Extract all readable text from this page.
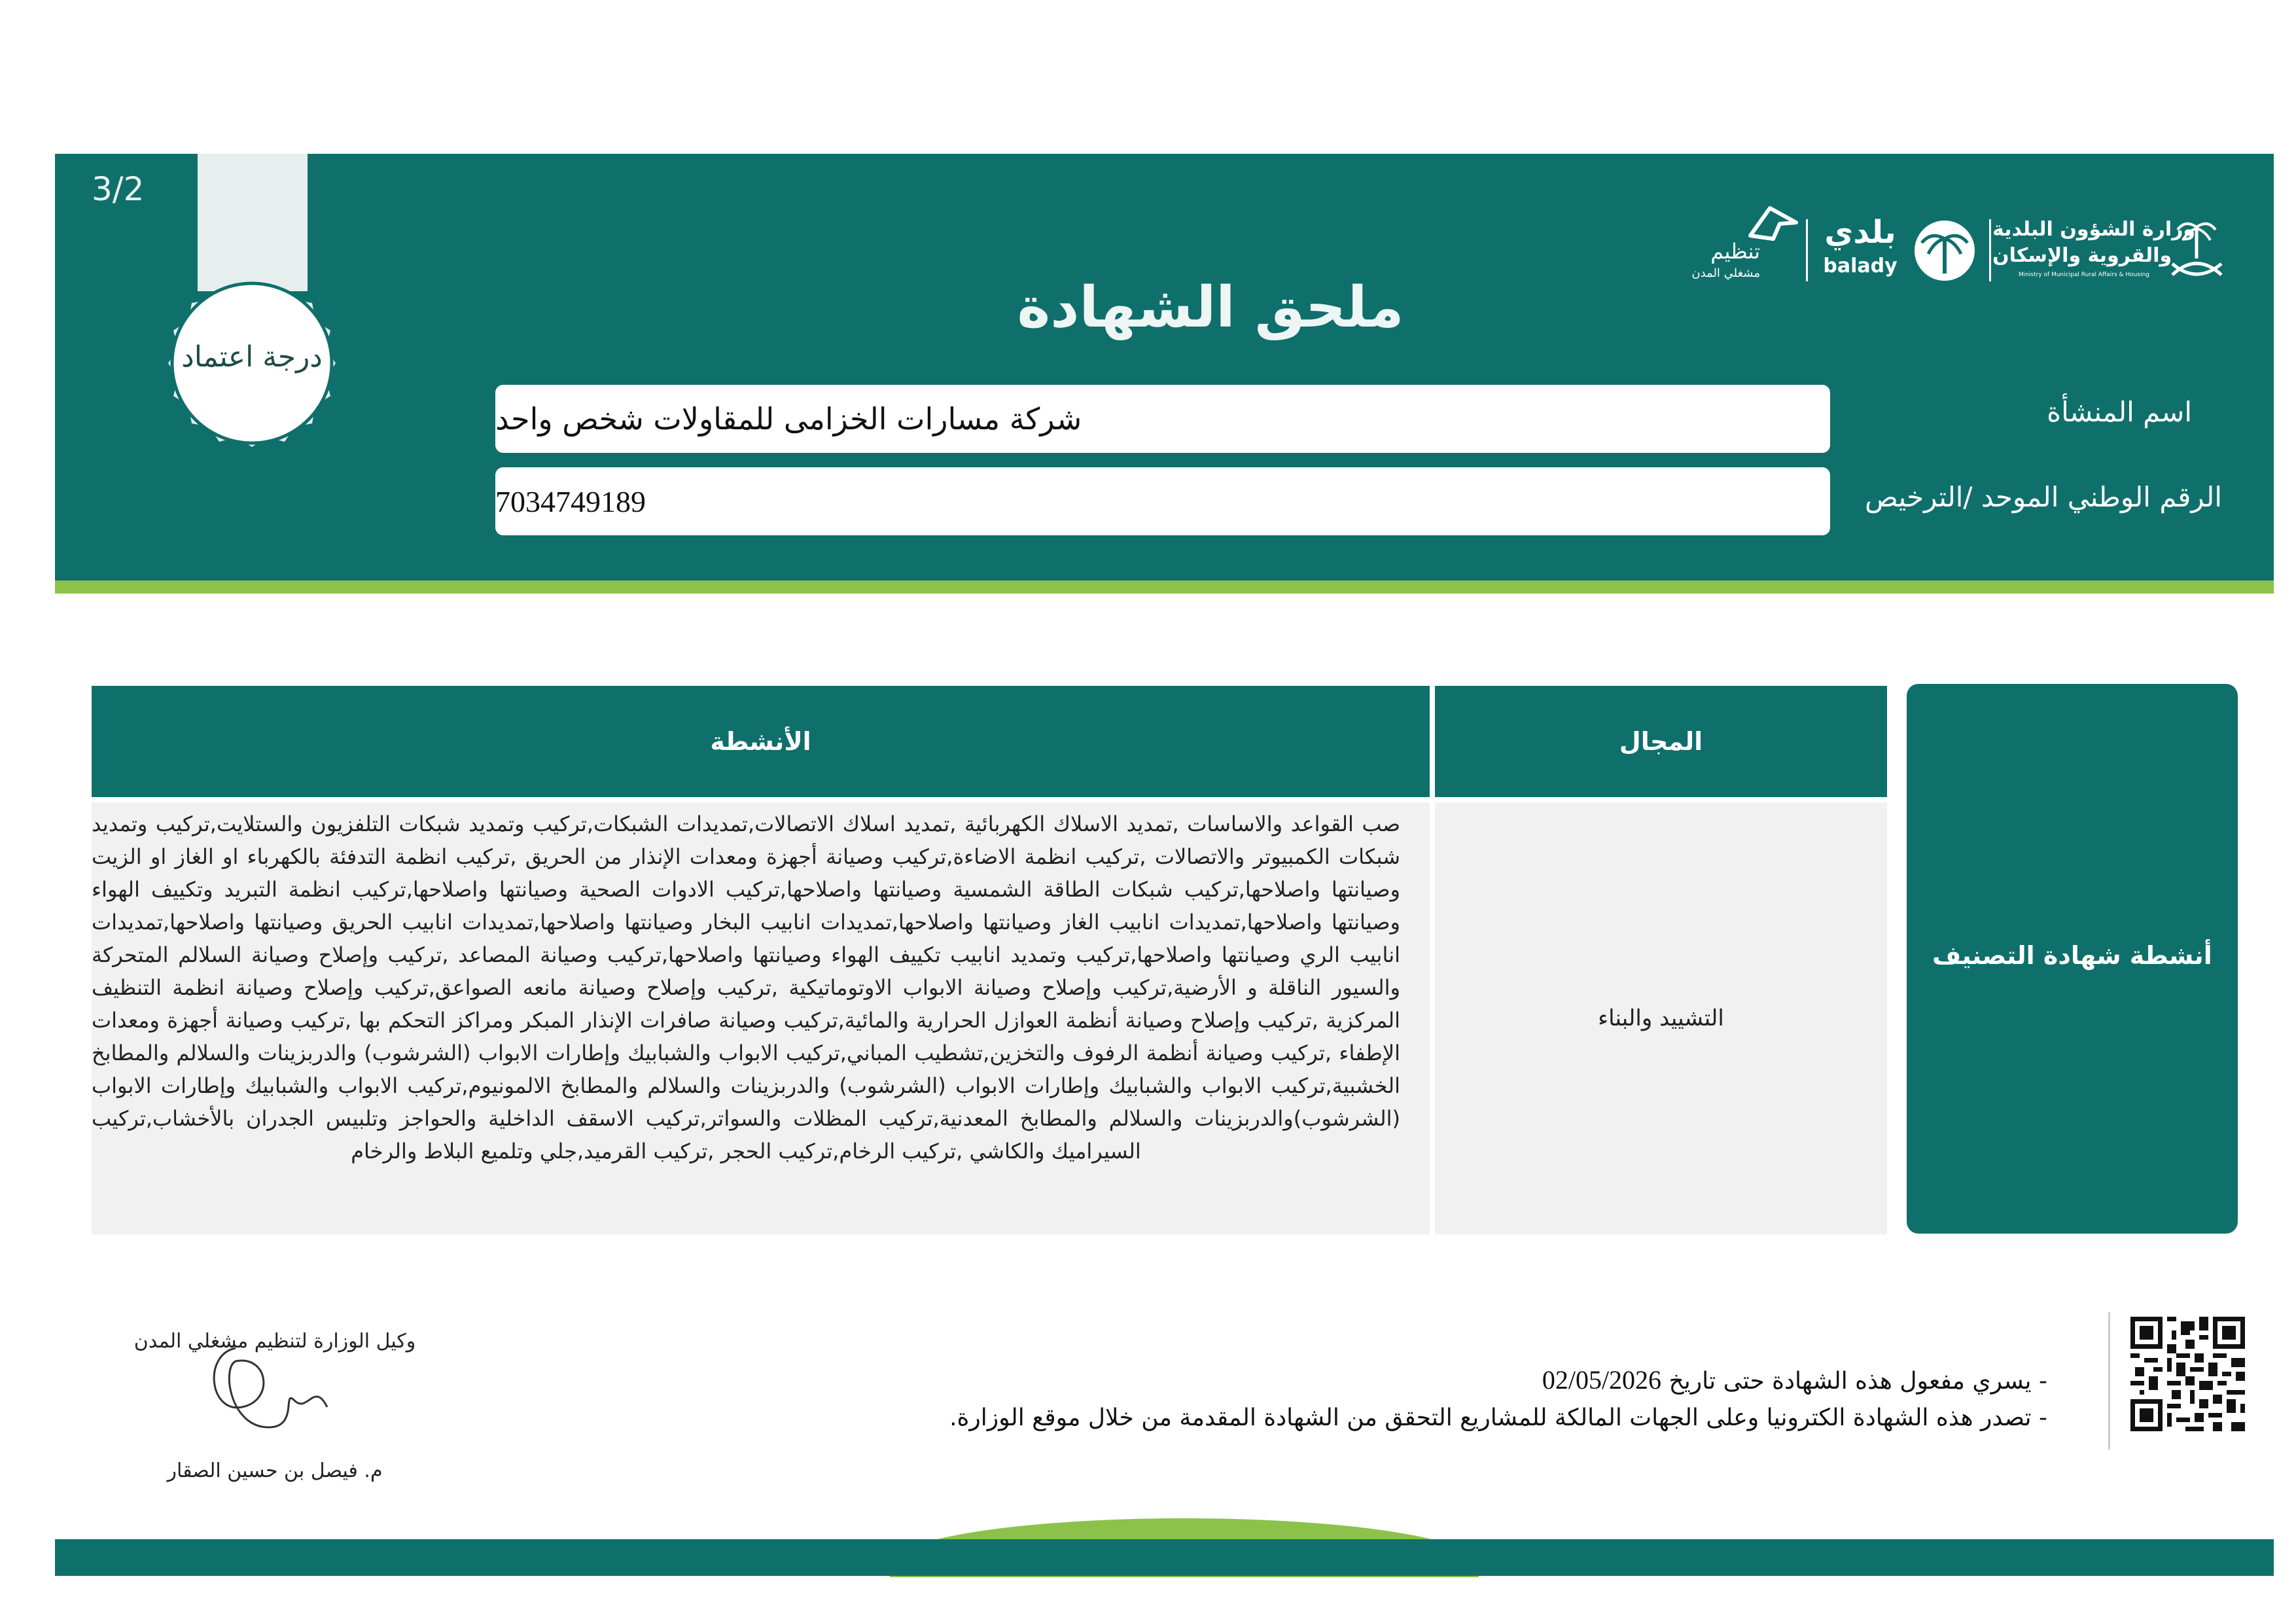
3/2
درجة اعتماد
ملحق الشهادة
تنظيم
مشغلي المدن
بلدي
balady
وزارة الشؤون البلدية
والقروية والإسكان
Ministry of Municipal Rural Affairs & Housing
اسم المنشأة
شركة مسارات الخزامى للمقاولات شخص واحد
الرقم الوطني الموحد /الترخيص
7034749189
أنشطة شهادة التصنيف
المجال
الأنشطة
التشييد والبناء
صب القواعد والاساسات ,تمديد الاسلاك الكهربائية ,تمديد اسلاك الاتصالات,تمديدات الشبكات,تركيب وتمديد شبكات التلفزيون والستلايت,تركيب وتمديد شبكات الكمبيوتر والاتصالات ,تركيب انظمة الاضاءة,تركيب وصيانة أجهزة ومعدات الإنذار من الحريق ,تركيب انظمة التدفئة بالكهرباء او الغاز او الزيت وصيانتها واصلاحها,تركيب شبكات الطاقة الشمسية وصيانتها واصلاحها,تركيب الادوات الصحية وصيانتها واصلاحها,تركيب انظمة التبريد وتكييف الهواء وصيانتها واصلاحها,تمديدات انابيب الغاز وصيانتها واصلاحها,تمديدات انابيب البخار وصيانتها واصلاحها,تمديدات انابيب الحريق وصيانتها واصلاحها,تمديدات انابيب الري وصيانتها واصلاحها,تركيب وتمديد انابيب تكييف الهواء وصيانتها واصلاحها,تركيب وصيانة المصاعد ,تركيب وإصلاح وصيانة السلالم المتحركة والسيور الناقلة و الأرضية,تركيب وإصلاح وصيانة الابواب الاوتوماتيكية ,تركيب وإصلاح وصيانة مانعه الصواعق,تركيب وإصلاح وصيانة انظمة التنظيف المركزية ,تركيب وإصلاح وصيانة أنظمة العوازل الحرارية والمائية,تركيب وصيانة صافرات الإنذار المبكر ومراكز التحكم بها ,تركيب وصيانة أجهزة ومعدات الإطفاء ,تركيب وصيانة أنظمة الرفوف والتخزين,تشطيب المباني,تركيب الابواب والشبابيك وإطارات الابواب (الشرشوب) والدربزينات والسلالم والمطابخ الخشبية,تركيب الابواب والشبابيك وإطارات الابواب (الشرشوب) والدربزينات والسلالم والمطابخ الالمونيوم,تركيب الابواب والشبابيك وإطارات الابواب (الشرشوب)والدربزينات والسلالم والمطابخ المعدنية,تركيب المظلات والسواتر,تركيب الاسقف الداخلية والحواجز وتلبيس الجدران بالأخشاب,تركيب السيراميك والكاشي ,تركيب الرخام,تركيب الحجر ,تركيب القرميد,جلي وتلميع البلاط والرخام
- يسري مفعول هذه الشهادة حتى تاريخ 02/05/2026
- تصدر هذه الشهادة الكترونيا وعلى الجهات المالكة للمشاريع التحقق من الشهادة المقدمة من خلال موقع الوزارة.
وكيل الوزارة لتنظيم مشغلي المدن
م. فيصل بن حسين الصقار
